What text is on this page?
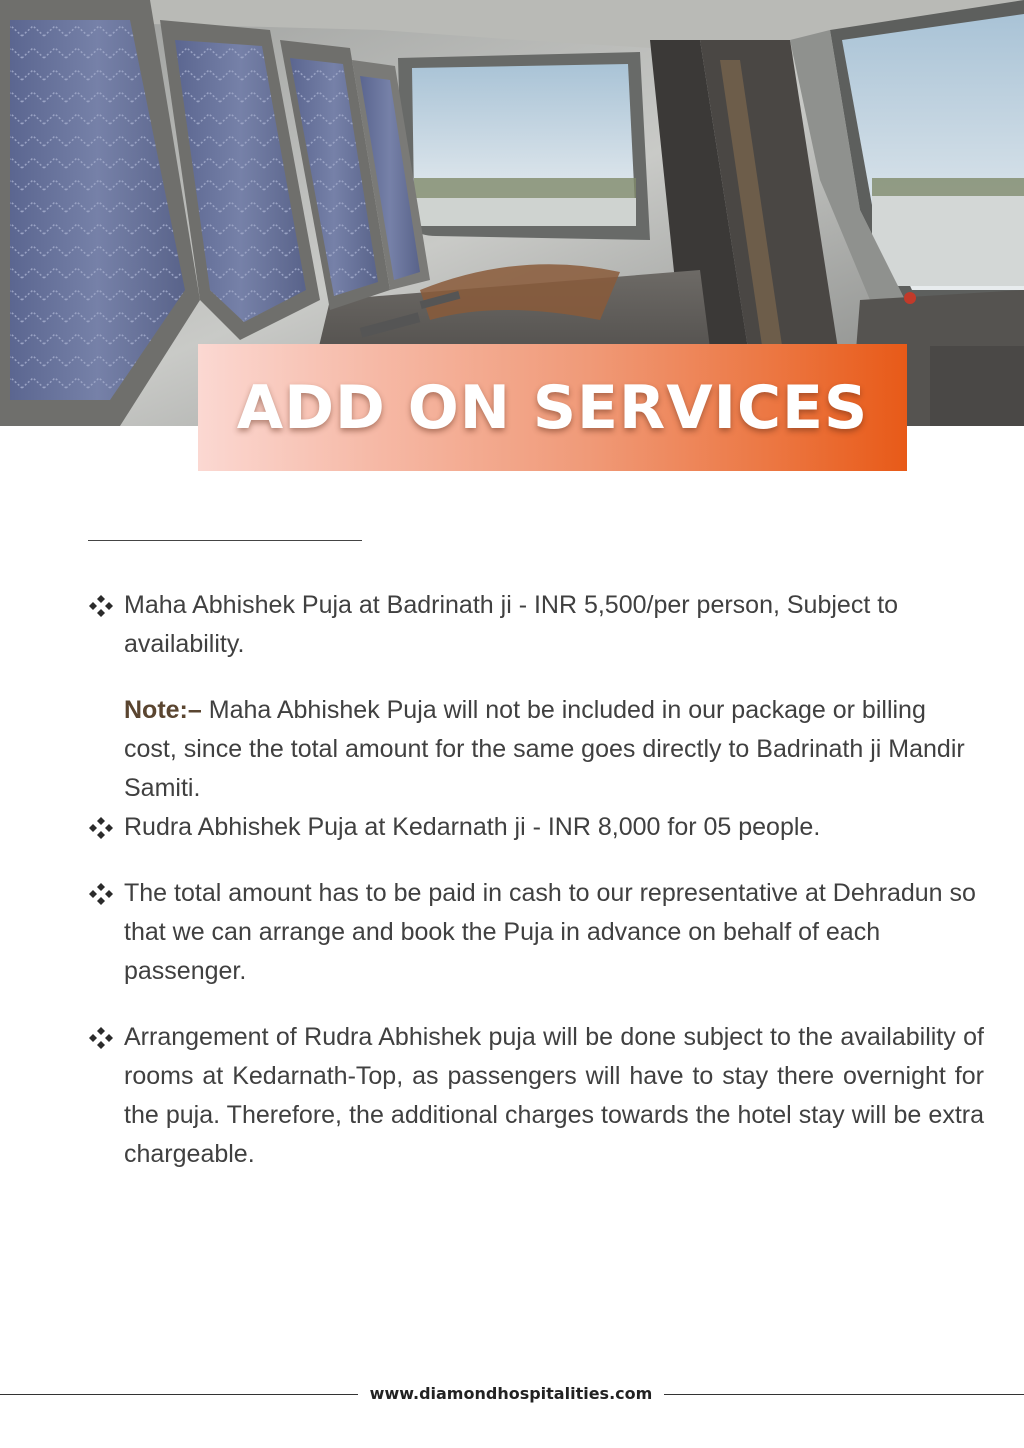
ADD ON SERVICES
Maha Abhishek Puja at Badrinath ji - INR 5,500/per person, Subject to availability.
Note:– Maha Abhishek Puja will not be included in our package or billing cost, since the total amount for the same goes directly to Badrinath ji Mandir Samiti.
Rudra Abhishek Puja at Kedarnath ji - INR 8,000 for 05 people.
The total amount has to be paid in cash to our representative at Dehradun so that we can arrange and book the Puja in advance on behalf of each passenger.
Arrangement of Rudra Abhishek puja will be done subject to the availability of rooms at Kedarnath-Top, as passengers will have to stay there overnight for the puja. Therefore, the additional charges towards the hotel stay will be extra chargeable.
www.diamondhospitalities.com
